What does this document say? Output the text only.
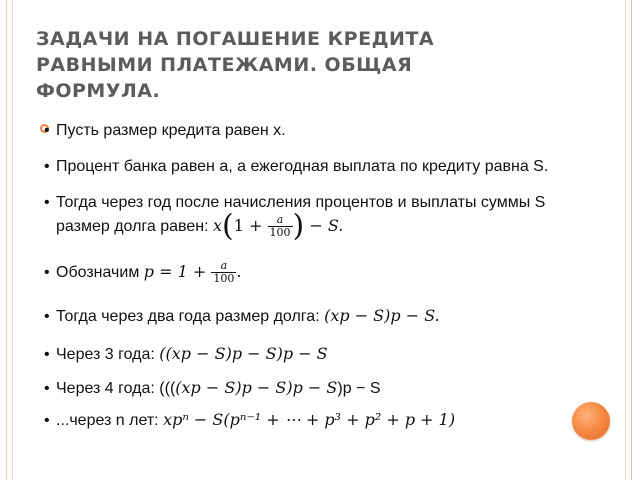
ЗАДАЧИ НА ПОГАШЕНИЕ КРЕДИТА
РАВНЫМИ ПЛАТЕЖАМИ. ОБЩАЯ
ФОРМУЛА.
• Пусть размер кредита равен х.
• Процент банка равен а, а ежегодная выплата по кредиту равна S.
• Тогда через год после начисления процентов и выплаты суммы S
размер долга равен: $x(1 + \frac{a}{100}$ ) − S.
• Обозначим $p = 1 + \frac{a}{100}$ .
• Тогда через два года размер долга: (xp − S)p − S.
• Через 3 года: ((xp − S)p − S)p − S
• Через 4 года: ((((xp − S)p − S)p − S)p − S
• ...через n лет: xpⁿ − S(pⁿ⁻¹ + ⋯ + p³ + p² + p + 1)
